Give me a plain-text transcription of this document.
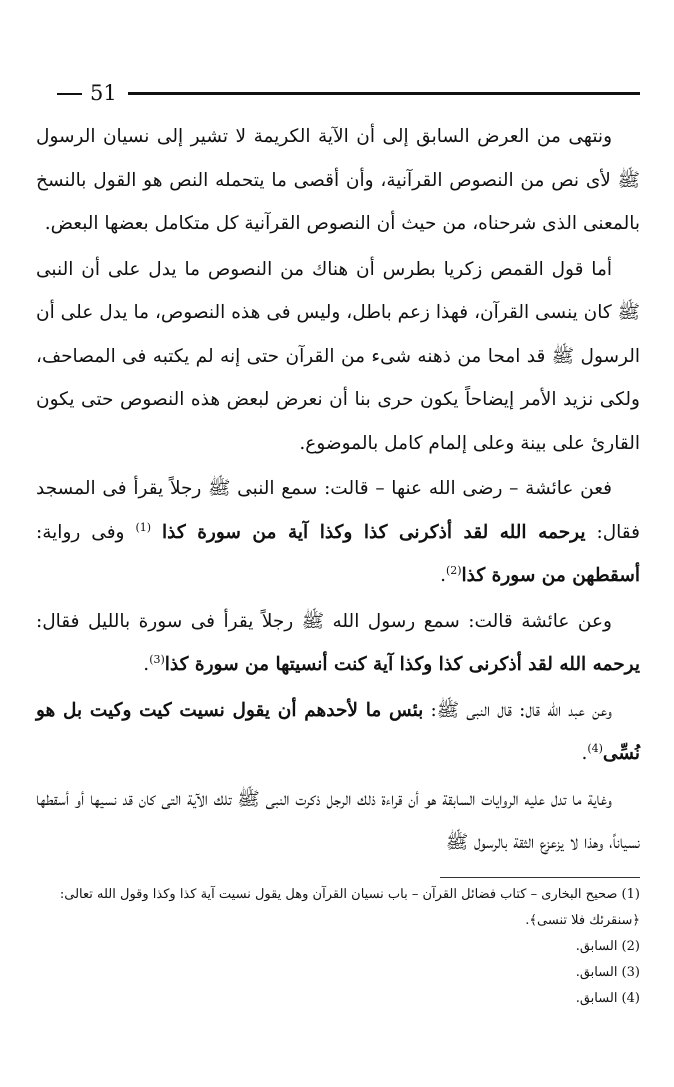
51

ونتهى من العرض السابق إلى أن الآية الكريمة لا تشير إلى نسيان الرسول ﷺ لأى نص من النصوص القرآنية، وأن أقصى ما يتحمله النص هو القول بالنسخ بالمعنى الذى شرحناه، من حيث أن النصوص القرآنية كل متكامل بعضها البعض.

أما قول القمص زكريا بطرس أن هناك من النصوص ما يدل على أن النبى ﷺ كان ينسى القرآن، فهذا زعم باطل، وليس فى هذه النصوص، ما يدل على أن الرسول ﷺ قد امحا من ذهنه شىء من القرآن حتى إنه لم يكتبه فى المصاحف، ولكى نزيد الأمر إيضاحاً يكون حرى بنا أن نعرض لبعض هذه النصوص حتى يكون القارئ على بينة وعلى إلمام كامل بالموضوع.

فعن عائشة – رضى الله عنها – قالت: سمع النبى ﷺ رجلاً يقرأ فى المسجد فقال: يرحمه الله لقد أذكرنى كذا وكذا آية من سورة كذا $^{(1)}$ وفى رواية: أسقطهن من سورة كذا$^{(2)}$.

وعن عائشة قالت: سمع رسول الله ﷺ رجلاً يقرأ فى سورة بالليل فقال: يرحمه الله لقد أذكرنى كذا وكذا آية كنت أنسيتها من سورة كذا$^{(3)}$.

وعن عبد الله قال: قال النبى ﷺ: بئس ما لأحدهم أن يقول نسيت كيت وكيت بل هو نُسِّى$^{(4)}$.

وغاية ما تدل عليه الروايات السابقة هو أن قراءة ذلك الرجل ذكرت النبى ﷺ تلك الآية التى كان قد نسيها أو أسقطها نسياناً، وهذا لا يزعزع الثقة بالرسول ﷺ

(1) صحيح البخارى – كتاب فضائل القرآن – باب نسيان القرآن وهل يقول نسيت آية كذا وكذا وقول الله تعالى: ﴿سنقرئك فلا تنسى﴾.

(2) السابق.

(3) السابق.

(4) السابق.
